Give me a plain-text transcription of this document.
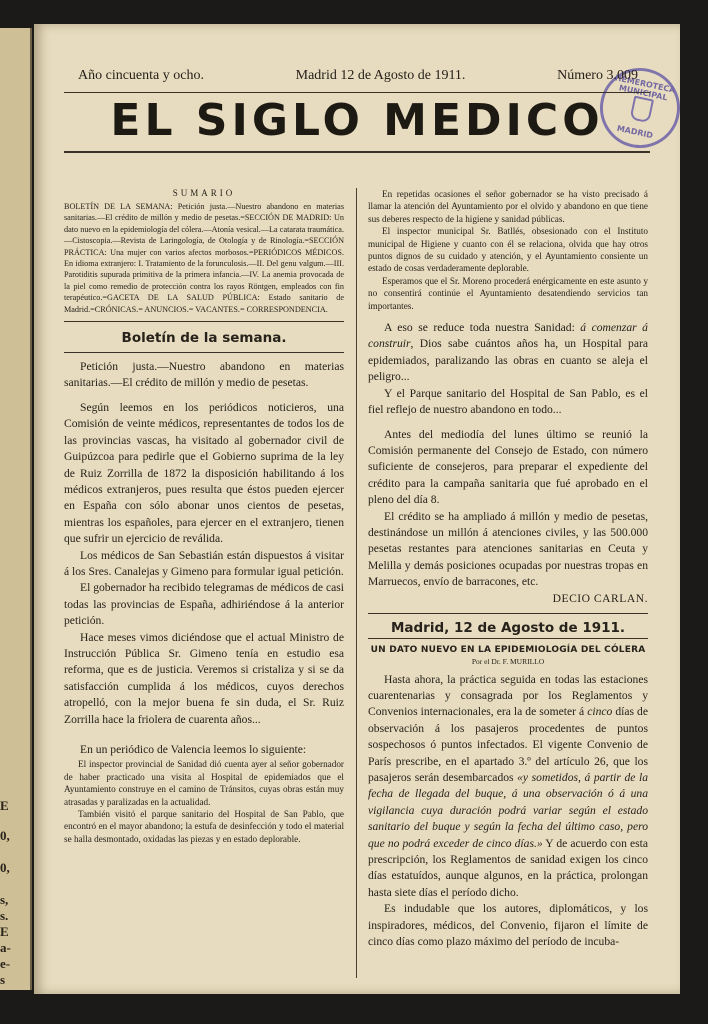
E
0,
0,
s,
s.
E
a-
e-
s
HEMEROTECA MUNICIPAL
MADRID
Año cincuenta y ocho.	Madrid 12 de Agosto de 1911.	Número 3.009
EL SIGLO MEDICO
SUMARIO
BOLETÍN DE LA SEMANA: Petición justa.—Nuestro abandono en materias sanitarias.—El crédito de millón y medio de pesetas.=SECCIÓN DE MADRID: Un dato nuevo en la epidemiología del cólera.—Atonía vesical.—La catarata traumática.—Cistoscopia.—Revista de Laringología, de Otología y de Rinología.=SECCIÓN PRÁCTICA: Una mujer con varios afectos morbosos.=PERIÓDICOS MÉDICOS. En idioma extranjero: I. Tratamiento de la forunculosis.—II. Del genu valgum.—III. Parotiditis supurada primitiva de la primera infancia.—IV. La anemia provocada de la piel como remedio de protección contra los rayos Röntgen, empleados con fin terapéutico.=GACETA DE LA SALUD PÚBLICA: Estado sanitario de Madrid.=CRÓNICAS.= ANUNCIOS.= VACANTES.= CORRESPONDENCIA.
Boletín de la semana.

Petición justa.—Nuestro abandono en materias sanitarias.—El crédito de millón y medio de pesetas.

Según leemos en los periódicos noticieros, una Comisión de veinte médicos, representantes de todos los de las provincias vascas, ha visitado al gobernador civil de Guipúzcoa para pedirle que el Gobierno suprima de la ley de Ruiz Zorrilla de 1872 la disposición habilitando á los médicos extranjeros, pues resulta que éstos pueden ejercer en España con sólo abonar unos cientos de pesetas, mientras los españoles, para ejercer en el extranjero, tienen que sufrir un ejercicio de reválida.

Los médicos de San Sebastián están dispuestos á visitar á los Sres. Canalejas y Gimeno para formular igual petición.

El gobernador ha recibido telegramas de médicos de casi todas las provincias de España, adhiriéndose á la anterior petición.

Hace meses vimos diciéndose que el actual Ministro de Instrucción Pública Sr. Gimeno tenía en estudio esa reforma, que es de justicia. Veremos si cristaliza y si se da satisfacción cumplida á los médicos, cuyos derechos atropelló, con la mejor buena fe sin duda, el Sr. Ruiz Zorrilla hace la friolera de cuarenta años...

En un periódico de Valencia leemos lo siguiente:

El inspector provincial de Sanidad dió cuenta ayer al señor gobernador de haber practicado una visita al Hospital de epidemiados que el Ayuntamiento construye en el camino de Tránsitos, cuyas obras están muy atrasadas y paralizadas en la actualidad.

También visitó el parque sanitario del Hospital de San Pablo, que encontró en el mayor abandono; la estufa de desinfección y todo el material se halla desmontado, oxidadas las piezas y en estado deplorable.

En repetidas ocasiones el señor gobernador se ha visto precisado á llamar la atención del Ayuntamiento por el olvido y abandono en que tiene sus deberes respecto de la higiene y sanidad públicas.

El inspector municipal Sr. Batllés, obsesionado con el Instituto municipal de Higiene y cuanto con él se relaciona, olvida que hay otros puntos dignos de su cuidado y atención, y el Ayuntamiento consiente un estado de cosas verdaderamente deplorable.

Esperamos que el Sr. Moreno procederá enérgicamente en este asunto y no consentirá continúe el Ayuntamiento desatendiendo servicios tan importantes.

A eso se reduce toda nuestra Sanidad: á comenzar á construir, Dios sabe cuántos años ha, un Hospital para epidemiados, paralizando las obras en cuanto se aleja el peligro...

Y el Parque sanitario del Hospital de San Pablo, es el fiel reflejo de nuestro abandono en todo...

Antes del mediodía del lunes último se reunió la Comisión permanente del Consejo de Estado, con número suficiente de consejeros, para preparar el expediente del crédito para la campaña sanitaria que fué aprobado en el pleno del día 8.

El crédito se ha ampliado á millón y medio de pesetas, destinándose un millón á atenciones civiles, y las 500.000 pesetas restantes para atenciones sanitarias en Ceuta y Melilla y demás posiciones ocupadas por nuestras tropas en Marruecos, envío de barracones, etc.

DECIO CARLAN.
Madrid, 12 de Agosto de 1911.
UN DATO NUEVO EN LA EPIDEMIOLOGÍA DEL CÓLERA
Por el Dr. F. MURILLO

Hasta ahora, la práctica seguida en todas las estaciones cuarentenarias y consagrada por los Reglamentos y Convenios internacionales, era la de someter á cinco días de observación á los pasajeros procedentes de puntos sospechosos ó puntos infectados. El vigente Convenio de París prescribe, en el apartado 3.º del artículo 26, que los pasajeros serán desembarcados «y sometidos, á partir de la fecha de llegada del buque, á una observación ó á una vigilancia cuya duración podrá variar según el estado sanitario del buque y según la fecha del último caso, pero que no podrá exceder de cinco días.» Y de acuerdo con esta prescripción, los Reglamentos de sanidad exigen los cinco días estatuídos, aunque algunos, en la práctica, prolongan hasta siete días el período dicho.

Es indudable que los autores, diplomáticos, y los inspiradores, médicos, del Convenio, fijaron el límite de cinco días como plazo máximo del período de incuba-
